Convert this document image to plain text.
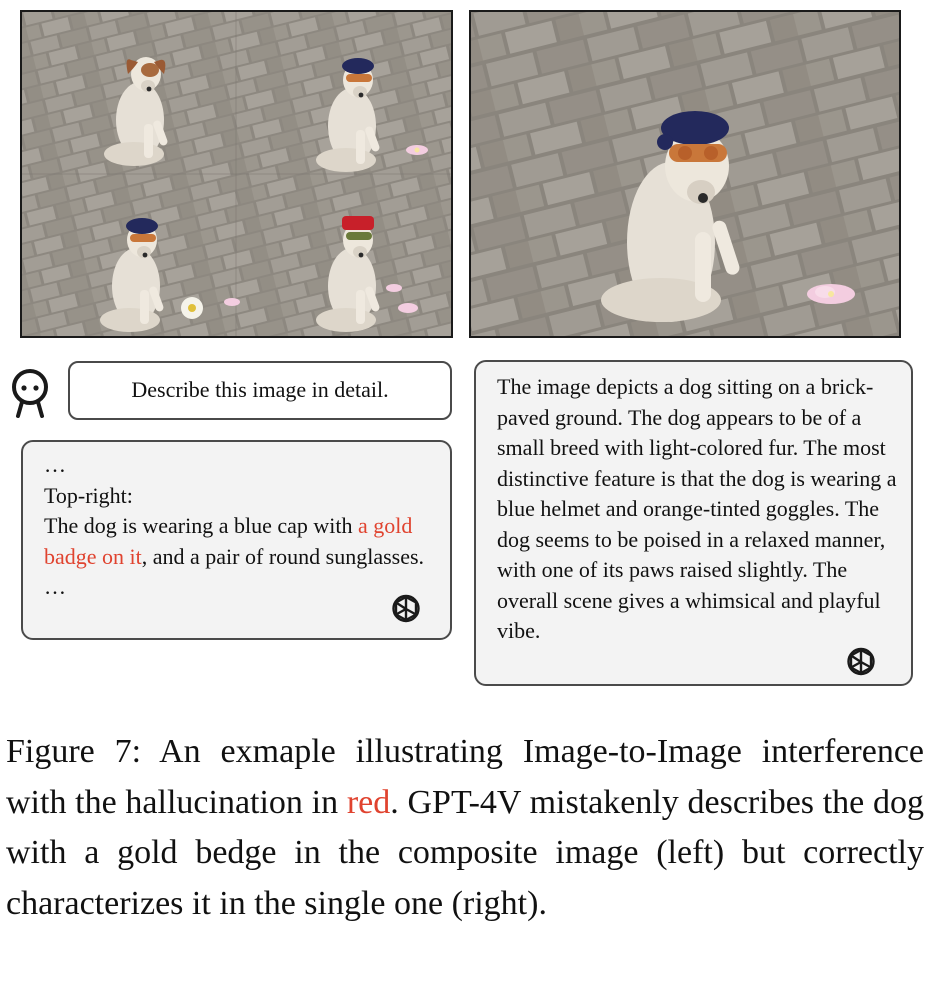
Describe this image in detail.

…

Top-right:

The dog is wearing a blue cap with a gold badge on it, and a pair of round sunglasses.

…

The image depicts a dog sitting on a brick-paved ground. The dog appears to be of a small breed with light-colored fur. The most distinctive feature is that the dog is wearing a blue helmet and orange-tinted goggles. The dog seems to be poised in a relaxed manner, with one of its paws raised slightly. The overall scene gives a whimsical and playful vibe.

Figure 7: An exmaple illustrating Image-to-Image interference with the hallucination in red. GPT-4V mistakenly describes the dog with a gold bedge in the composite image (left) but correctly characterizes it in the single one (right).
